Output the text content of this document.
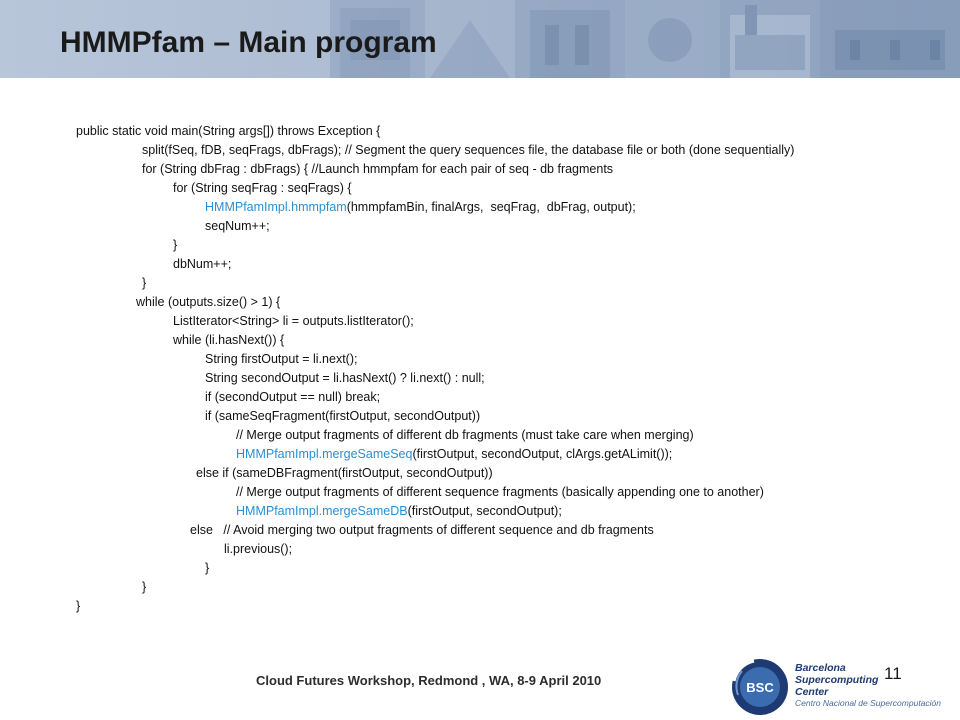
HMMPfam – Main program
public static void main(String args[]) throws Exception {
split(fSeq, fDB, seqFrags, dbFrags); // Segment the query sequences file, the database file or both (done sequentially)
for (String dbFrag : dbFrags) { //Launch hmmpfam for each pair of seq - db fragments
for (String seqFrag : seqFrags) {
HMMPfamImpl.hmmpfam(hmmpfamBin, finalArgs,  seqFrag,  dbFrag, output);
seqNum++;
}
dbNum++;
}
while (outputs.size() > 1) {
ListIterator<String> li = outputs.listIterator();
while (li.hasNext()) {
String firstOutput = li.next();
String secondOutput = li.hasNext() ? li.next() : null;
if (secondOutput == null) break;
if (sameSeqFragment(firstOutput, secondOutput))
// Merge output fragments of different db fragments (must take care when merging)
HMMPfamImpl.mergeSameSeq(firstOutput, secondOutput, clArgs.getALimit());
else if (sameDBFragment(firstOutput, secondOutput))
// Merge output fragments of different sequence fragments (basically appending one to another)
HMMPfamImpl.mergeSameDB(firstOutput, secondOutput);
else   // Avoid merging two output fragments of different sequence and db fragments
li.previous();
}
}
}
BSC
Barcelona
Supercomputing
Center
Centro Nacional de Supercomputación
Cloud Futures Workshop, Redmond , WA, 8-9 April 2010	11
